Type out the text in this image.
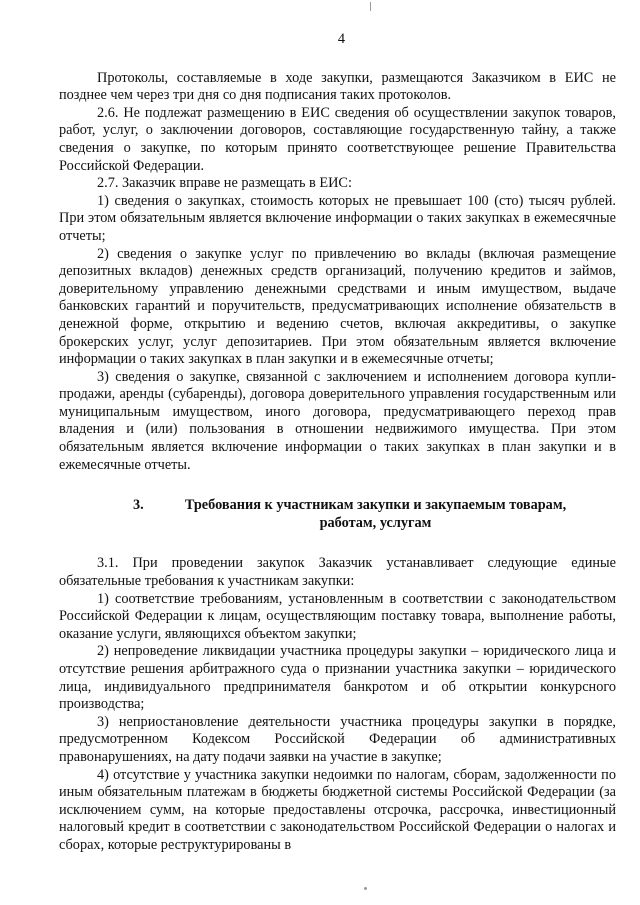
4

Протоколы, составляемые в ходе закупки, размещаются Заказчиком в ЕИС не позднее чем через три дня со дня подписания таких протоколов.

2.6. Не подлежат размещению в ЕИС сведения об осуществлении закупок товаров, работ, услуг, о заключении договоров, составляющие государственную тайну, а также сведения о закупке, по которым принято соответствующее решение Правительства Российской Федерации.

2.7. Заказчик вправе не размещать в ЕИС:

1) сведения о закупках, стоимость которых не превышает 100 (сто) тысяч рублей. При этом обязательным является включение информации о таких закупках в ежемесячные отчеты;

2) сведения о закупке услуг по привлечению во вклады (включая размещение депозитных вкладов) денежных средств организаций, получению кредитов и займов, доверительному управлению денежными средствами и иным имуществом, выдаче банковских гарантий и поручительств, предусматривающих исполнение обязательств в денежной форме, открытию и ведению счетов, включая аккредитивы, о закупке брокерских услуг, услуг депозитариев. При этом обязательным является включение информации о таких закупках в план закупки и в ежемесячные отчеты;

3) сведения о закупке, связанной с заключением и исполнением договора купли-продажи, аренды (субаренды), договора доверительного управления государственным или муниципальным имуществом, иного договора, предусматривающего переход прав владения и (или) пользования в отношении недвижимого имущества. При этом обязательным является включение информации о таких закупках в план закупки и в ежемесячные отчеты.

3.	Требования к участникам закупки и закупаемым товарам, работам, услугам

3.1. При проведении закупок Заказчик устанавливает следующие единые обязательные требования к участникам закупки:

1) соответствие требованиям, установленным в соответствии с законодательством Российской Федерации к лицам, осуществляющим поставку товара, выполнение работы, оказание услуги, являющихся объектом закупки;

2) непроведение ликвидации участника процедуры закупки – юридического лица и отсутствие решения арбитражного суда о признании участника закупки – юридического лица, индивидуального предпринимателя банкротом и об открытии конкурсного производства;

3) неприостановление деятельности участника процедуры закупки в порядке, предусмотренном Кодексом Российской Федерации об административных правонарушениях, на дату подачи заявки на участие в закупке;

4) отсутствие у участника закупки недоимки по налогам, сборам, задолженности по иным обязательным платежам в бюджеты бюджетной системы Российской Федерации (за исключением сумм, на которые предоставлены отсрочка, рассрочка, инвестиционный налоговый кредит в соответствии с законодательством Российской Федерации о налогах и сборах, которые реструктурированы в
